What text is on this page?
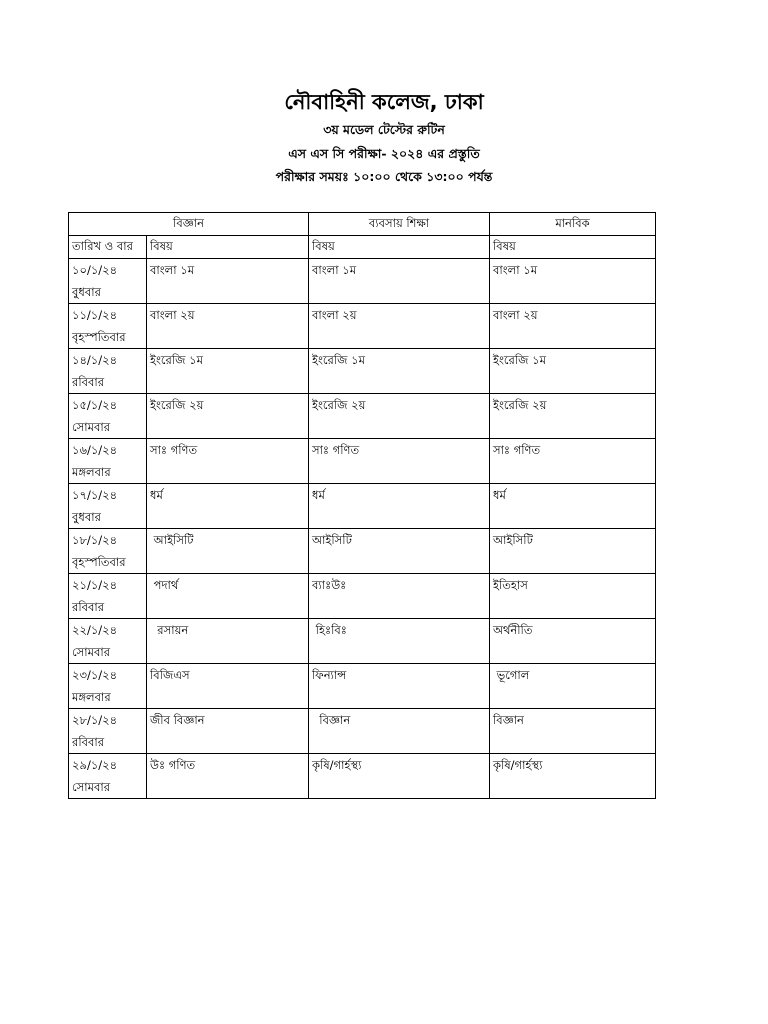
নৌবাহিনী কলেজ, ঢাকা
৩য় মডেল টেস্টের রুটিন
এস এস সি পরীক্ষা- ২০২৪ এর প্রস্তুতি
পরীক্ষার সময়ঃ ১০:০০ থেকে ১৩:০০ পর্যন্ত
বিজ্ঞান		ব্যবসায় শিক্ষা	মানবিক
তারিখ ও বার	বিষয়	বিষয়	বিষয়

১০/১/২৪
বুধবার	বাংলা ১ম	বাংলা ১ম	বাংলা ১ম

১১/১/২৪
বৃহস্পতিবার	বাংলা ২য়	বাংলা ২য়	বাংলা ২য়

১৪/১/২৪
রবিবার	ইংরেজি ১ম	ইংরেজি ১ম	ইংরেজি ১ম

১৫/১/২৪
সোমবার	ইংরেজি ২য়	ইংরেজি ২য়	ইংরেজি ২য়

১৬/১/২৪
মঙ্গলবার	সাঃ গণিত	সাঃ গণিত	সাঃ গণিত

১৭/১/২৪
বুধবার	ধর্ম	ধর্ম	ধর্ম

১৮/১/২৪
বৃহস্পতিবার	আইসিটি	আইসিটি	আইসিটি

২১/১/২৪
রবিবার	পদার্থ	ব্যাঃউঃ	ইতিহাস

২২/১/২৪
সোমবার	রসায়ন	হিঃবিঃ	অর্থনীতি

২৩/১/২৪
মঙ্গলবার	বিজিএস	ফিন্যান্স	ভূগোল

২৮/১/২৪
রবিবার	জীব বিজ্ঞান	বিজ্ঞান	বিজ্ঞান

২৯/১/২৪
সোমবার	উঃ গণিত	কৃষি/গার্হস্থ্য	কৃষি/গার্হস্থ্য
